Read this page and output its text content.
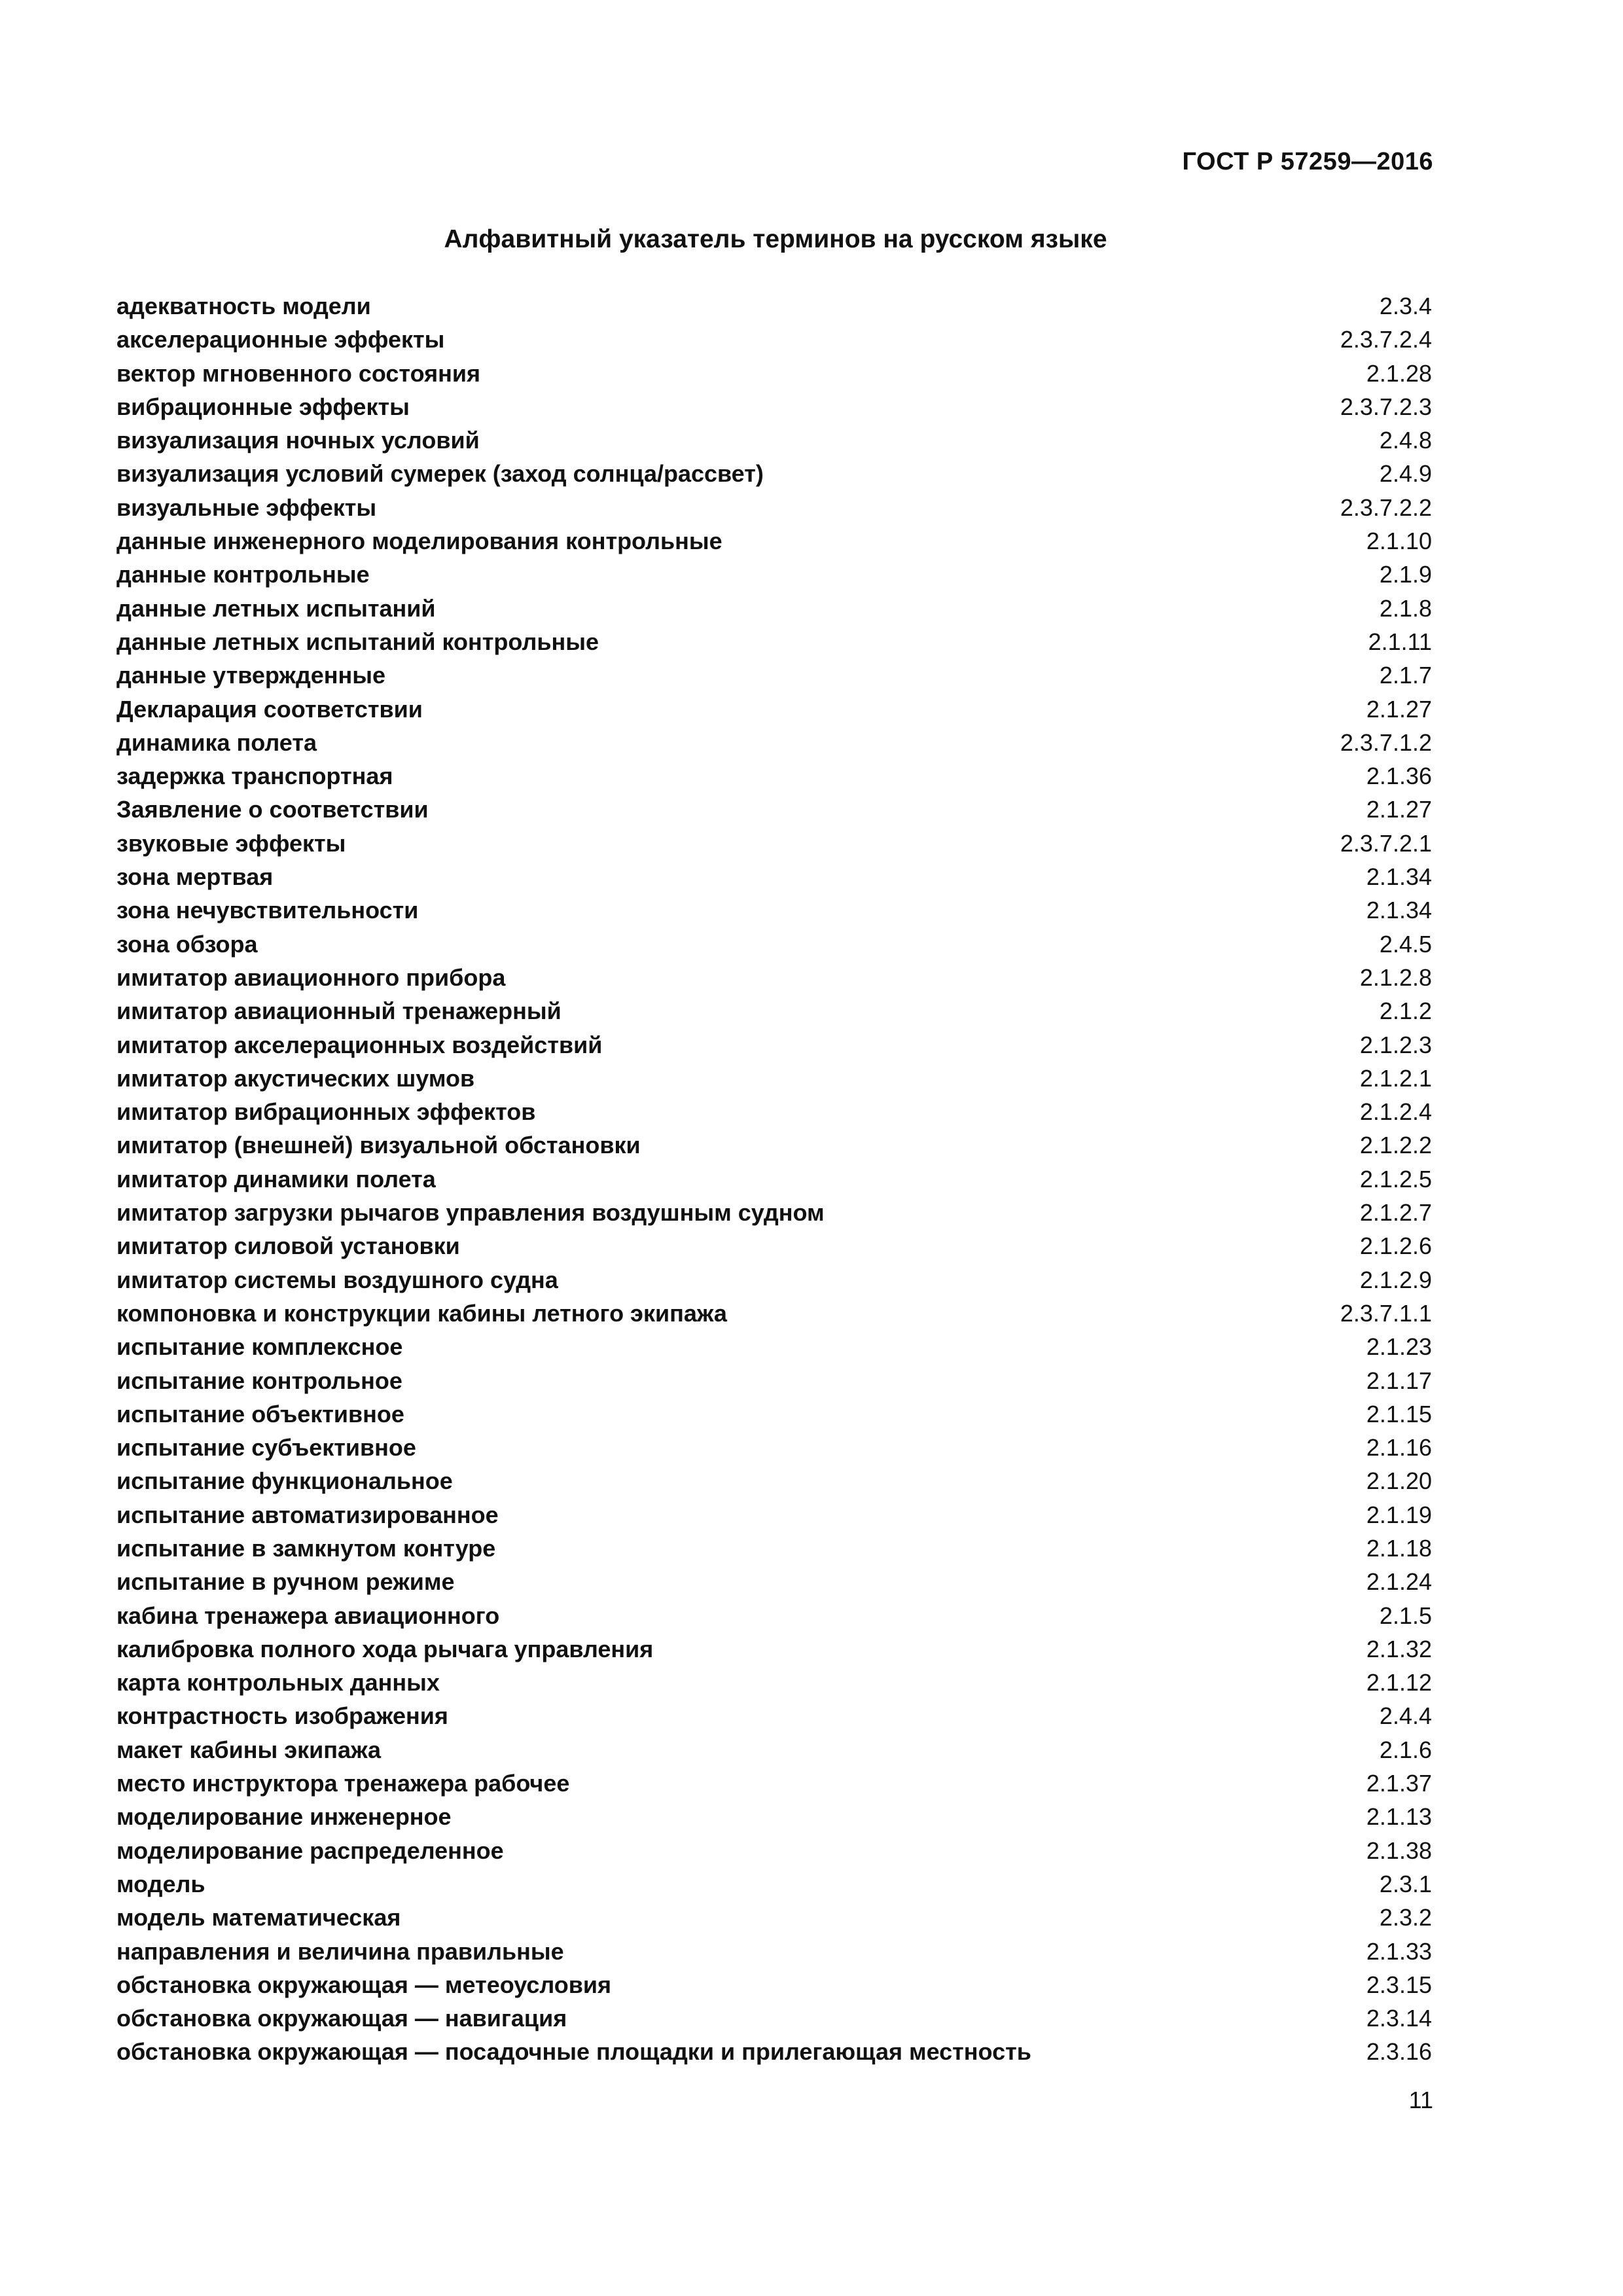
ГОСТ Р 57259—2016
Алфавитный указатель терминов на русском языке
адекватность модели	2.3.4
акселерационные эффекты	2.3.7.2.4
вектор мгновенного состояния	2.1.28
вибрационные эффекты	2.3.7.2.3
визуализация ночных условий	2.4.8
визуализация условий сумерек (заход солнца/рассвет)	2.4.9
визуальные эффекты	2.3.7.2.2
данные инженерного моделирования контрольные	2.1.10
данные контрольные	2.1.9
данные летных испытаний	2.1.8
данные летных испытаний контрольные	2.1.11
данные утвержденные	2.1.7
Декларация соответствии	2.1.27
динамика полета	2.3.7.1.2
задержка транспортная	2.1.36
Заявление о соответствии	2.1.27
звуковые эффекты	2.3.7.2.1
зона мертвая	2.1.34
зона нечувствительности	2.1.34
зона обзора	2.4.5
имитатор авиационного прибора	2.1.2.8
имитатор авиационный тренажерный	2.1.2
имитатор акселерационных воздействий	2.1.2.3
имитатор акустических шумов	2.1.2.1
имитатор вибрационных эффектов	2.1.2.4
имитатор (внешней) визуальной обстановки	2.1.2.2
имитатор динамики полета	2.1.2.5
имитатор загрузки рычагов управления воздушным судном	2.1.2.7
имитатор силовой установки	2.1.2.6
имитатор системы воздушного судна	2.1.2.9
компоновка и конструкции кабины летного экипажа	2.3.7.1.1
испытание комплексное	2.1.23
испытание контрольное	2.1.17
испытание объективное	2.1.15
испытание субъективное	2.1.16
испытание функциональное	2.1.20
испытание автоматизированное	2.1.19
испытание в замкнутом контуре	2.1.18
испытание в ручном режиме	2.1.24
кабина тренажера авиационного	2.1.5
калибровка полного хода рычага управления	2.1.32
карта контрольных данных	2.1.12
контрастность изображения	2.4.4
макет кабины экипажа	2.1.6
место инструктора тренажера рабочее	2.1.37
моделирование инженерное	2.1.13
моделирование распределенное	2.1.38
модель	2.3.1
модель математическая	2.3.2
направления и величина правильные	2.1.33
обстановка окружающая — метеоусловия	2.3.15
обстановка окружающая — навигация	2.3.14
обстановка окружающая — посадочные площадки и прилегающая местность	2.3.16
11
